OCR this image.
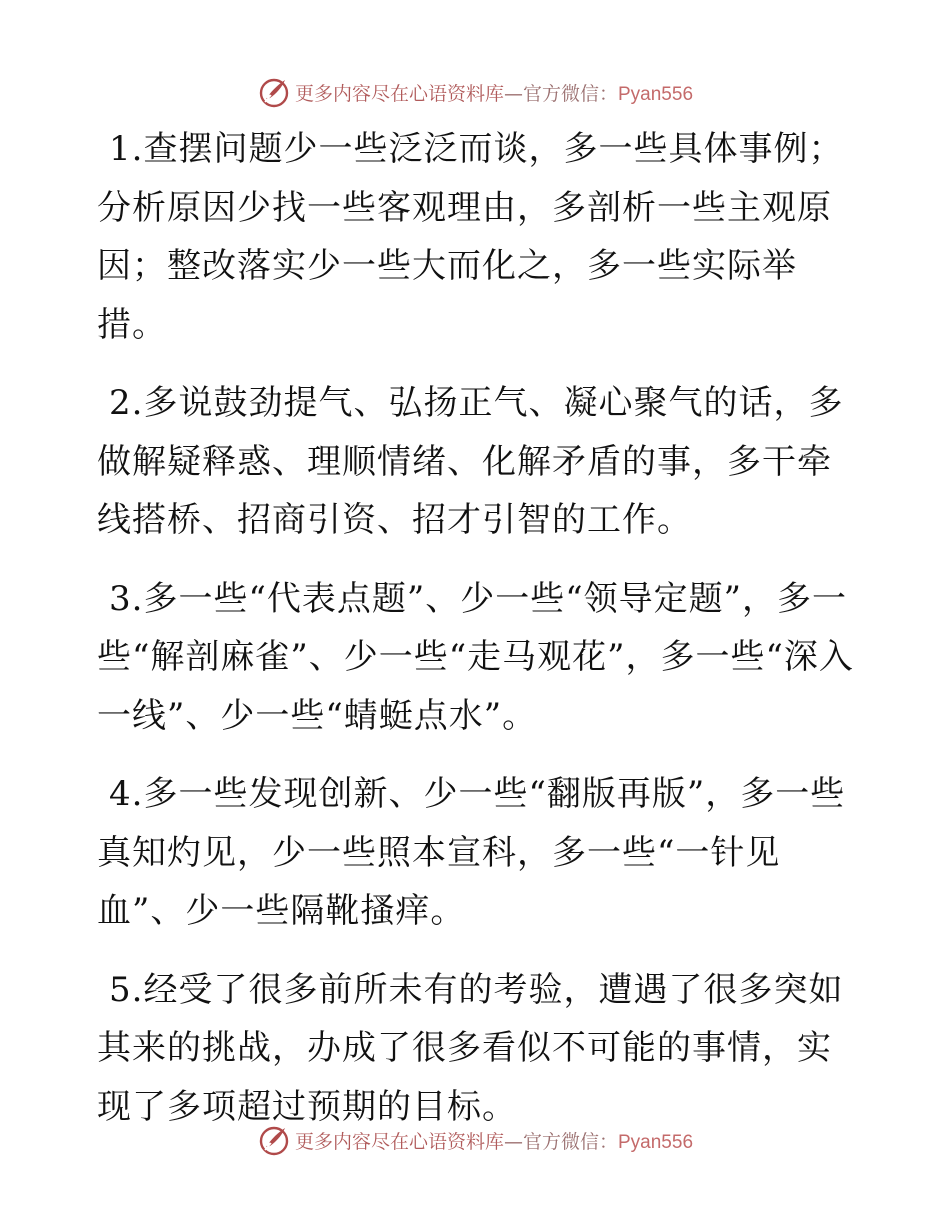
更多内容尽在心语资料库—官方微信：Pyan556

1.查摆问题少一些泛泛而谈，多一些具体事例；分析原因少找一些客观理由，多剖析一些主观原因；整改落实少一些大而化之，多一些实际举措。

2.多说鼓劲提气、弘扬正气、凝心聚气的话，多做解疑释惑、理顺情绪、化解矛盾的事，多干牵线搭桥、招商引资、招才引智的工作。

3.多一些“代表点题”、少一些“领导定题”，多一些“解剖麻雀”、少一些“走马观花”，多一些“深入一线”、少一些“蜻蜓点水”。

4.多一些发现创新、少一些“翻版再版”，多一些真知灼见，少一些照本宣科，多一些“一针见血”、少一些隔靴搔痒。

5.经受了很多前所未有的考验，遭遇了很多突如其来的挑战，办成了很多看似不可能的事情，实现了多项超过预期的目标。

更多内容尽在心语资料库—官方微信：Pyan556
